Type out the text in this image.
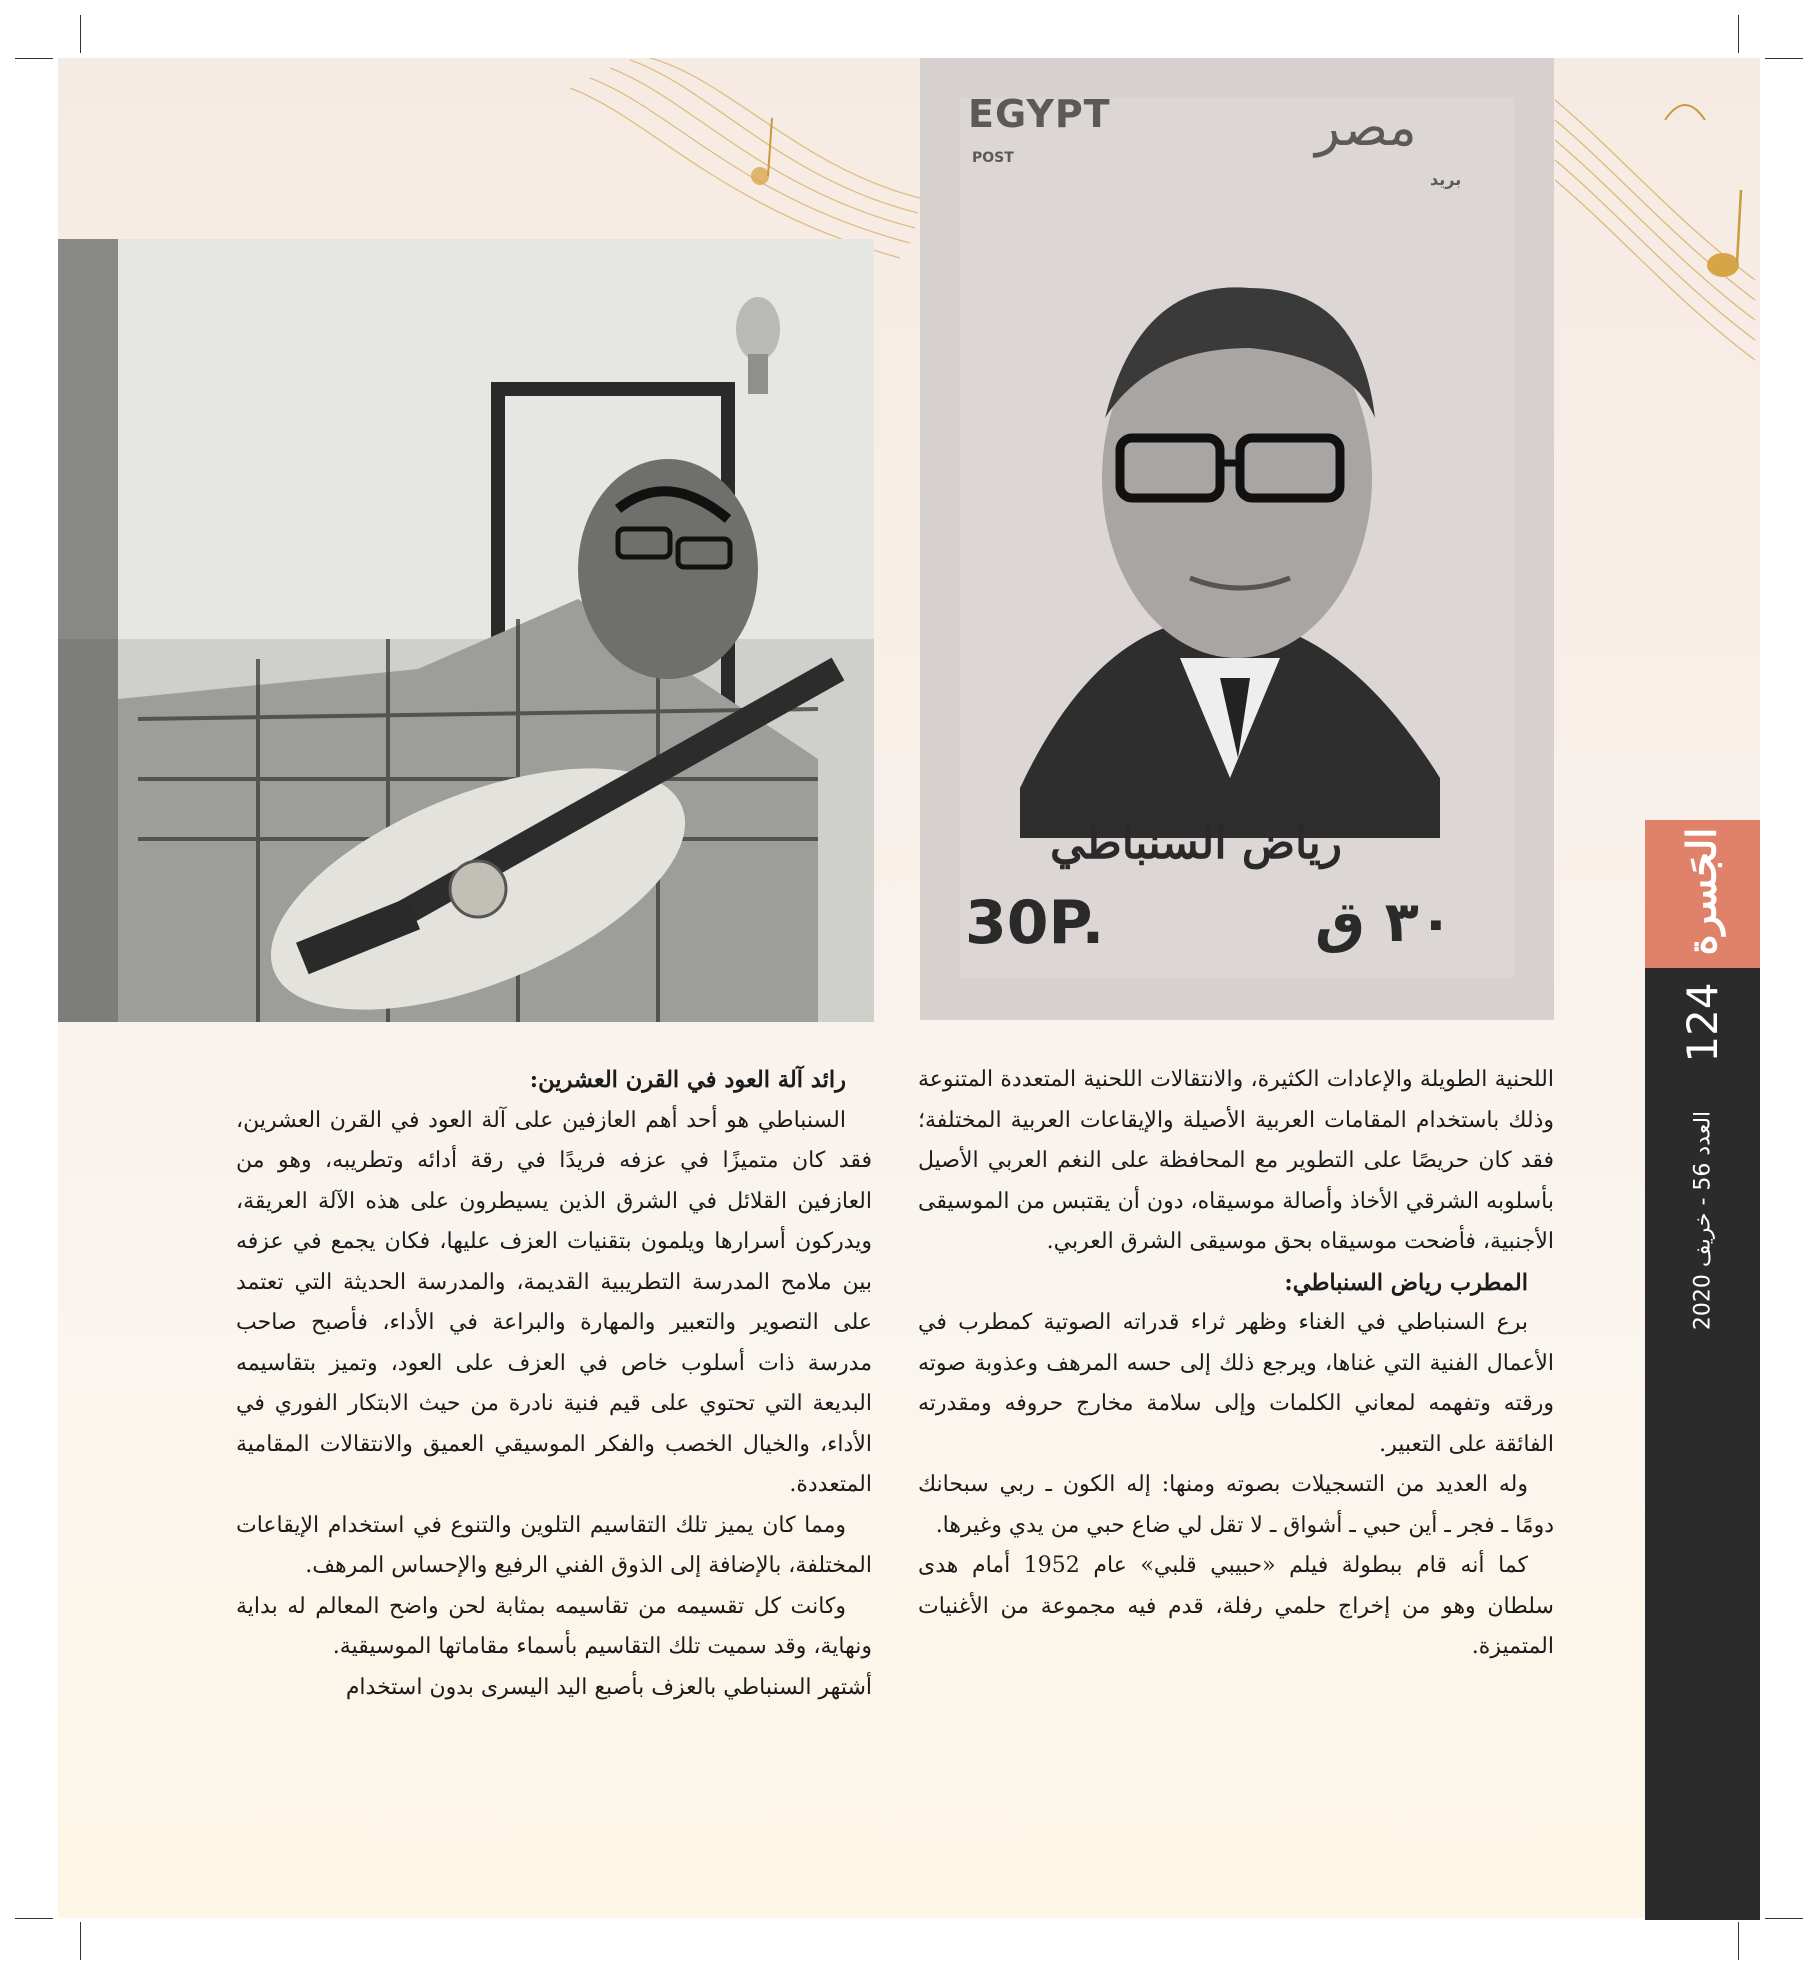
EGYPT
POST	مصر
بريد
رياض السنباطي
30P.	٣٠ ق

اللحنية الطويلة والإعادات الكثيرة، والانتقالات اللحنية المتعددة المتنوعة وذلك باستخدام المقامات العربية الأصيلة والإيقاعات العربية المختلفة؛ فقد كان حريصًا على التطوير مع المحافظة على النغم العربي الأصيل بأسلوبه الشرقي الأخاذ وأصالة موسيقاه، دون أن يقتبس من الموسيقى الأجنبية، فأضحت موسيقاه بحق موسيقى الشرق العربي.

المطرب رياض السنباطي:

برع السنباطي في الغناء وظهر ثراء قدراته الصوتية كمطرب في الأعمال الفنية التي غناها، ويرجع ذلك إلى حسه المرهف وعذوبة صوته ورقته وتفهمه لمعاني الكلمات وإلى سلامة مخارج حروفه ومقدرته الفائقة على التعبير.

وله العديد من التسجيلات بصوته ومنها: إله الكون ـ ربي سبحانك دومًا ـ فجر ـ أين حبي ـ أشواق ـ لا تقل لي ضاع حبي من يدي وغيرها.

كما أنه قام ببطولة فيلم «حبيبي قلبي» عام 1952 أمام هدى سلطان وهو من إخراج حلمي رفلة، قدم فيه مجموعة من الأغنيات المتميزة.

رائد آلة العود في القرن العشرين:

السنباطي هو أحد أهم العازفين على آلة العود في القرن العشرين، فقد كان متميزًا في عزفه فريدًا في رقة أدائه وتطريبه، وهو من العازفين القلائل في الشرق الذين يسيطرون على هذه الآلة العريقة، ويدركون أسرارها ويلمون بتقنيات العزف عليها، فكان يجمع في عزفه بين ملامح المدرسة التطريبية القديمة، والمدرسة الحديثة التي تعتمد على التصوير والتعبير والمهارة والبراعة في الأداء، فأصبح صاحب مدرسة ذات أسلوب خاص في العزف على العود، وتميز بتقاسيمه البديعة التي تحتوي على قيم فنية نادرة من حيث الابتكار الفوري في الأداء، والخيال الخصب والفكر الموسيقي العميق والانتقالات المقامية المتعددة.

ومما كان يميز تلك التقاسيم التلوين والتنوع في استخدام الإيقاعات المختلفة، بالإضافة إلى الذوق الفني الرفيع والإحساس المرهف.

وكانت كل تقسيمه من تقاسيمه بمثابة لحن واضح المعالم له بداية ونهاية، وقد سميت تلك التقاسيم بأسماء مقاماتها الموسيقية.

أشتهر السنباطي بالعزف بأصبع اليد اليسرى بدون استخدام

الجَسرة
124
العدد 56 - خريف 2020
